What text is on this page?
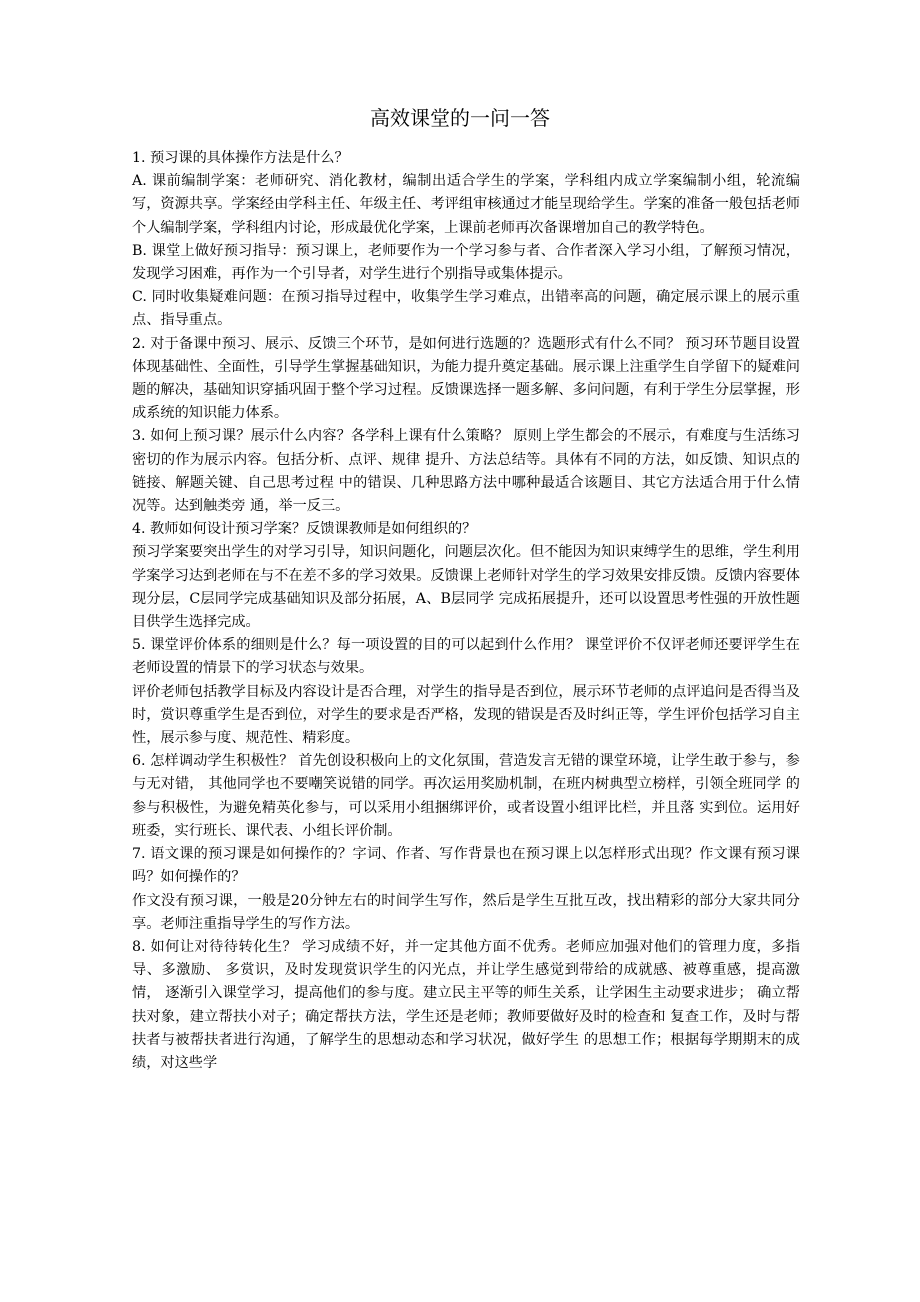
高效课堂的一问一答

1. 预习课的具体操作方法是什么？

A. 课前编制学案：老师研究、消化教材，编制出适合学生的学案，学科组内成立学案编制小组，轮流编写，资源共享。学案经由学科主任、年级主任、考评组审核通过才能呈现给学生。学案的准备一般包括老师个人编制学案，学科组内讨论，形成最优化学案，上课前老师再次备课增加自己的教学特色。

B. 课堂上做好预习指导：预习课上，老师要作为一个学习参与者、合作者深入学习小组，了解预习情况，发现学习困难，再作为一个引导者，对学生进行个别指导或集体提示。

C. 同时收集疑难问题：在预习指导过程中，收集学生学习难点，出错率高的问题，确定展示课上的展示重点、指导重点。

2. 对于备课中预习、展示、反馈三个环节，是如何进行选题的？选题形式有什么不同？ 预习环节题目设置体现基础性、全面性，引导学生掌握基础知识，为能力提升奠定基础。展示课上注重学生自学留下的疑难问题的解决，基础知识穿插巩固于整个学习过程。反馈课选择一题多解、多问问题，有利于学生分层掌握，形成系统的知识能力体系。

3. 如何上预习课？展示什么内容？各学科上课有什么策略？ 原则上学生都会的不展示，有难度与生活练习密切的作为展示内容。包括分析、点评、规律 提升、方法总结等。具体有不同的方法，如反馈、知识点的链接、解题关键、自己思考过程 中的错误、几种思路方法中哪种最适合该题目、其它方法适合用于什么情况等。达到触类旁 通，举一反三。

4. 教师如何设计预习学案？反馈课教师是如何组织的？

预习学案要突出学生的对学习引导，知识问题化，问题层次化。但不能因为知识束缚学生的思维，学生利用学案学习达到老师在与不在差不多的学习效果。反馈课上老师针对学生的学习效果安排反馈。反馈内容要体现分层，C层同学完成基础知识及部分拓展，A、B层同学 完成拓展提升，还可以设置思考性强的开放性题目供学生选择完成。

5. 课堂评价体系的细则是什么？每一项设置的目的可以起到什么作用？ 课堂评价不仅评老师还要评学生在老师设置的情景下的学习状态与效果。

评价老师包括教学目标及内容设计是否合理，对学生的指导是否到位，展示环节老师的点评追问是否得当及时，赏识尊重学生是否到位，对学生的要求是否严格，发现的错误是否及时纠正等，学生评价包括学习自主性，展示参与度、规范性、精彩度。

6. 怎样调动学生积极性？ 首先创设积极向上的文化氛围，营造发言无错的课堂环境，让学生敢于参与，参与无对错， 其他同学也不要嘲笑说错的同学。再次运用奖励机制，在班内树典型立榜样，引领全班同学 的参与积极性，为避免精英化参与，可以采用小组捆绑评价，或者设置小组评比栏，并且落 实到位。运用好班委，实行班长、课代表、小组长评价制。

7. 语文课的预习课是如何操作的？字词、作者、写作背景也在预习课上以怎样形式出现？作文课有预习课吗？如何操作的？

作文没有预习课，一般是20分钟左右的时间学生写作，然后是学生互批互改，找出精彩的部分大家共同分享。老师注重指导学生的写作方法。

8. 如何让对待待转化生？ 学习成绩不好，并一定其他方面不优秀。老师应加强对他们的管理力度，多指导、多激励、 多赏识，及时发现赏识学生的闪光点，并让学生感觉到带给的成就感、被尊重感，提高激情， 逐渐引入课堂学习，提高他们的参与度。建立民主平等的师生关系，让学困生主动要求进步； 确立帮扶对象，建立帮扶小对子；确定帮扶方法，学生还是老师；教师要做好及时的检查和 复查工作，及时与帮扶者与被帮扶者进行沟通，了解学生的思想动态和学习状况，做好学生 的思想工作；根据每学期期末的成绩，对这些学
